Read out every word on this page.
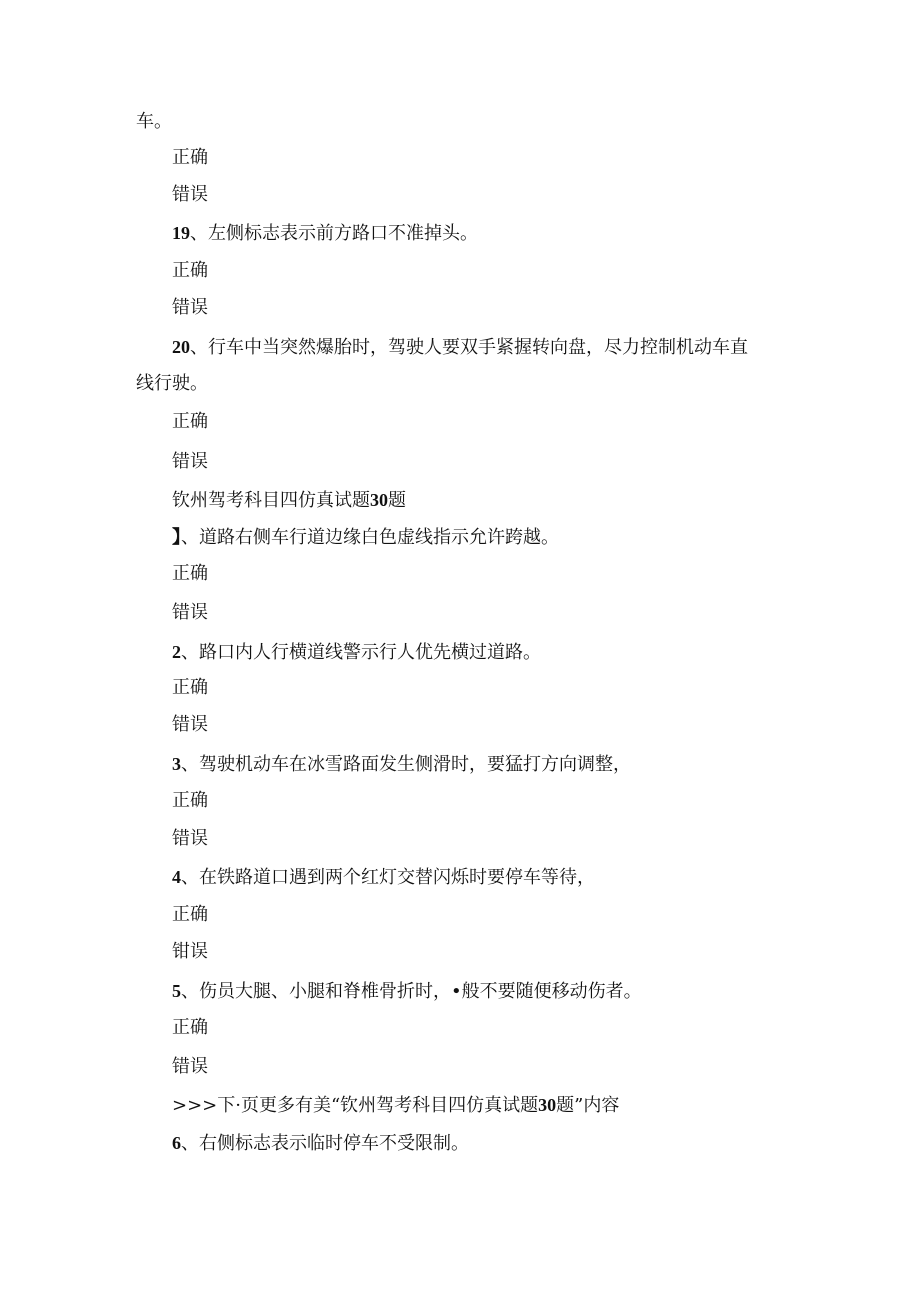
车。
正确
错误
19、左侧标志表示前方路口不准掉头。
正确
错误
20、行车中当突然爆胎时，驾驶人要双手紧握转向盘，尽力控制机动车直
线行驶。
正确
错误
钦州驾考科目四仿真试题30题
】、道路右侧车行道边缘白色虚线指示允许跨越。
正确
错误
2、路口内人行横道线警示行人优先横过道路。
正确
错误
3、驾驶机动车在冰雪路面发生侧滑时，要猛打方向调整，
正确
错误
4、在铁路道口遇到两个红灯交替闪烁时要停车等待，
正确
钳误
5、伤员大腿、小腿和脊椎骨折时，•般不要随便移动伤者。
正确
错误
>>>下·页更多有美“钦州驾考科目四仿真试题30题”内容
6、右侧标志表示临时停车不受限制。
